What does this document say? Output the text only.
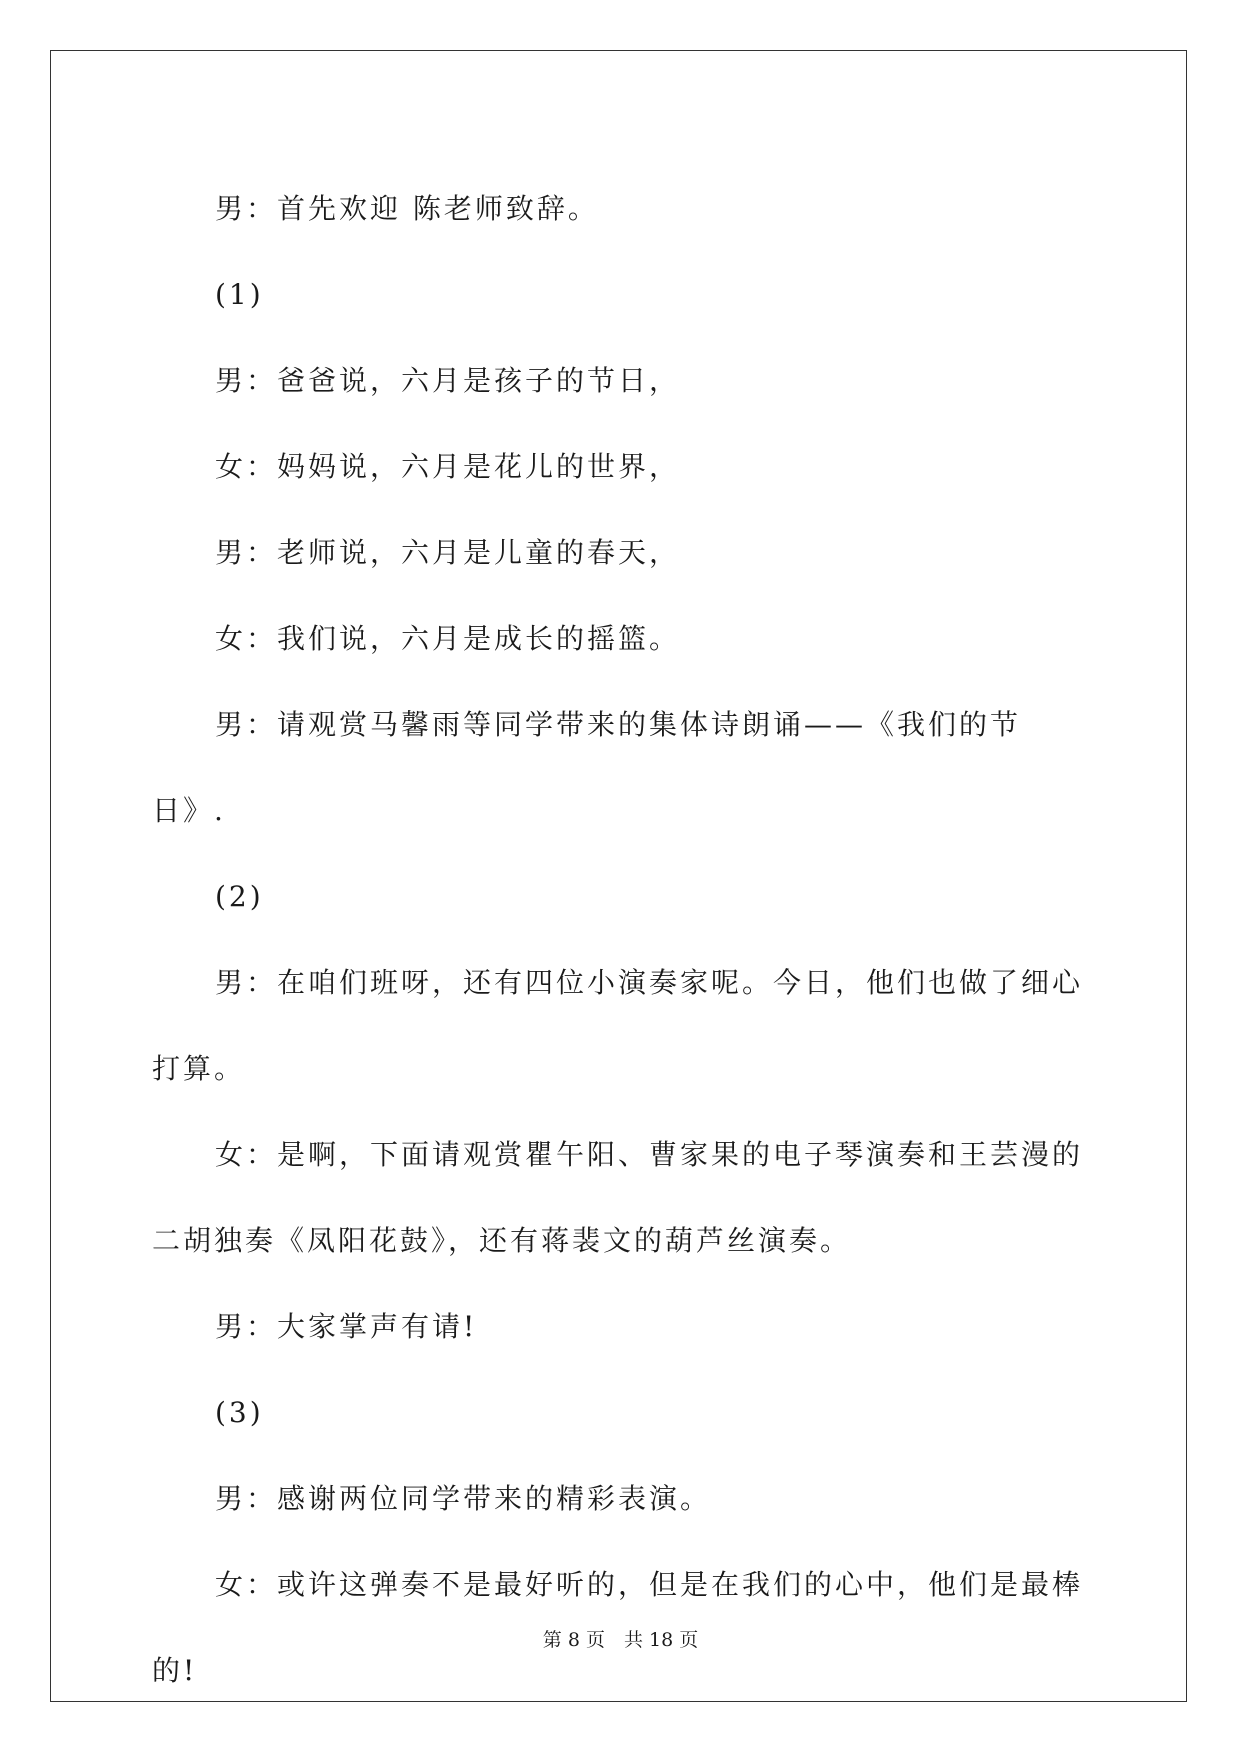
男：首先欢迎 陈老师致辞。

(1)

男：爸爸说，六月是孩子的节日，

女：妈妈说，六月是花儿的世界，

男：老师说，六月是儿童的春天，

女：我们说，六月是成长的摇篮。

男：请观赏马馨雨等同学带来的集体诗朗诵——《我们的节日》.

(2)

男：在咱们班呀，还有四位小演奏家呢。今日，他们也做了细心打算。

女：是啊，下面请观赏瞿午阳、曹家果的电子琴演奏和王芸漫的二胡独奏《凤阳花鼓》，还有蒋裴文的葫芦丝演奏。

男：大家掌声有请!

(3)

男：感谢两位同学带来的精彩表演。

女：或许这弹奏不是最好听的，但是在我们的心中，他们是最棒的!

第 8 页　共 18 页
